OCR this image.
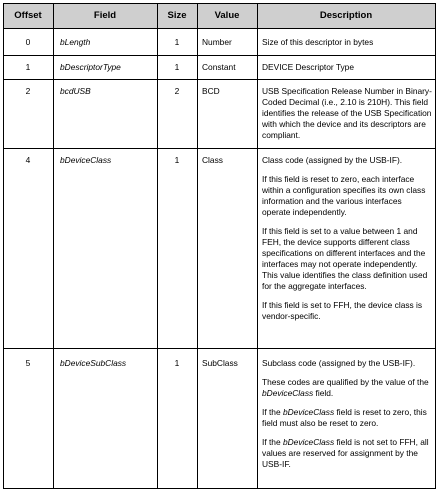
Offset	Field	Size	Value	Description
0	bLength	1	Number	Size of this descriptor in bytes

1	bDescriptorType	1	Constant	DEVICE Descriptor Type

2	bcdUSB	2	BCD	USB Specification Release Number in Binary-Coded Decimal (i.e., 2.10 is 210H). This field identifies the release of the USB Specification with which the device and its descriptors are compliant.

4	bDeviceClass	1	Class	Class code (assigned by the USB-IF).

If this field is reset to zero, each interface within a configuration specifies its own class information and the various interfaces operate independently.

If this field is set to a value between 1 and FEH, the device supports different class specifications on different interfaces and the interfaces may not operate independently. This value identifies the class definition used for the aggregate interfaces.

If this field is set to FFH, the device class is vendor-specific.

5	bDeviceSubClass	1	SubClass	Subclass code (assigned by the USB-IF).

These codes are qualified by the value of the bDeviceClass field.

If the bDeviceClass field is reset to zero, this field must also be reset to zero.

If the bDeviceClass field is not set to FFH, all values are reserved for assignment by the USB-IF.
